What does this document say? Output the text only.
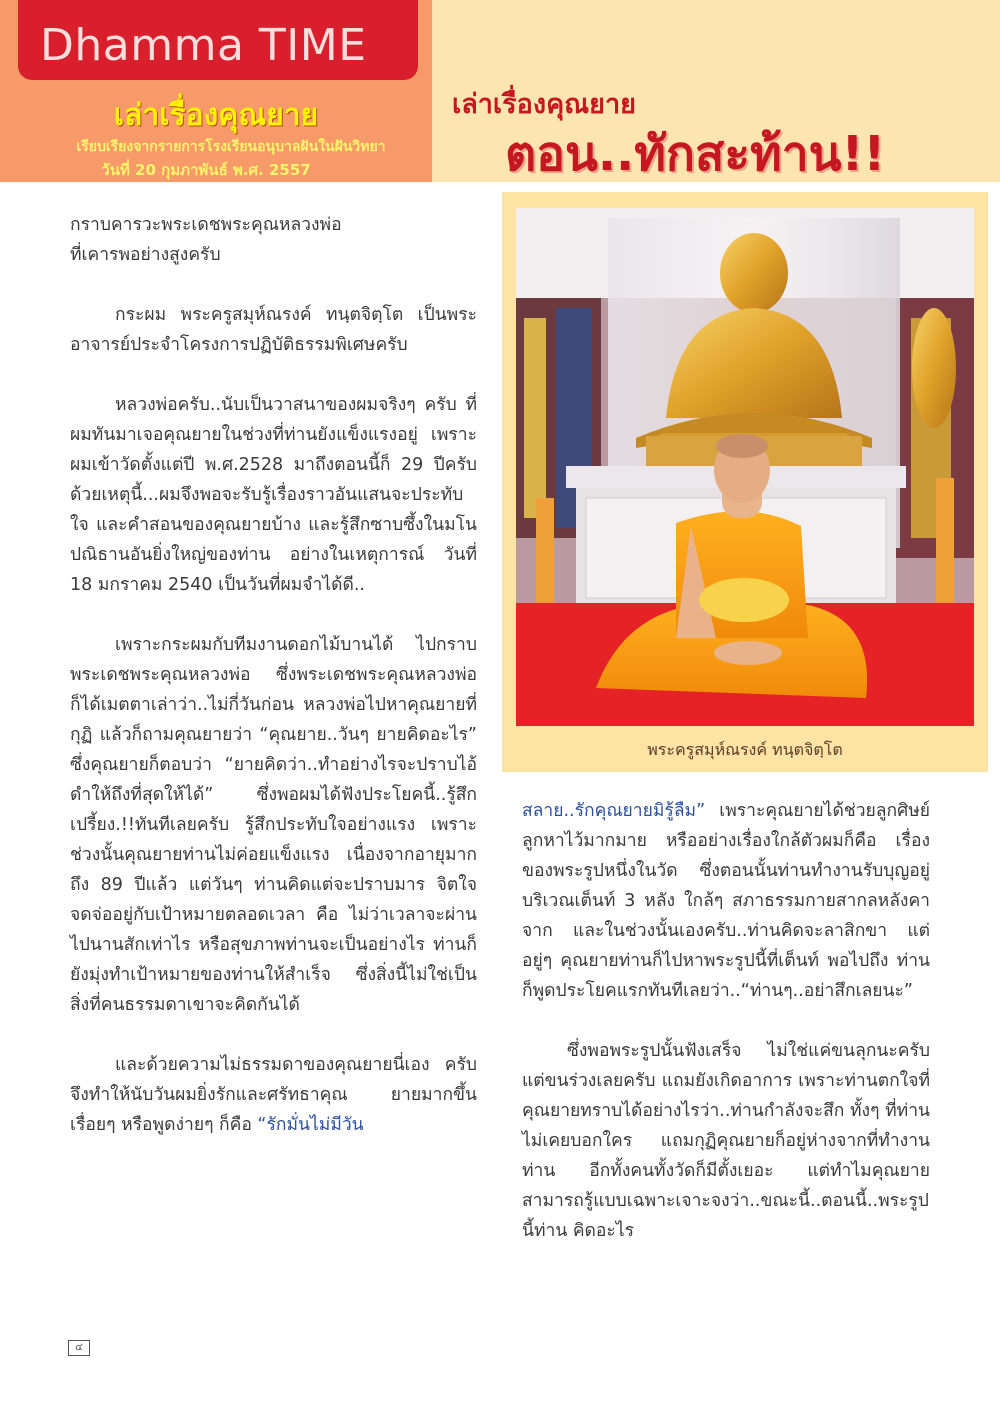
Dhamma TIME
เล่าเรื่องคุณยาย
เรียบเรียงจากรายการโรงเรียนอนุบาลฝันในฝันวิทยา
วันที่ 20 กุมภาพันธ์ พ.ศ. 2557
เล่าเรื่องคุณยาย
ตอน..ทักสะท้าน!!
พระครูสมุห์ณรงค์ ทนฺตจิตฺโต

กราบคารวะพระเดชพระคุณหลวงพ่อ

ที่เคารพอย่างสูงครับ

กระผม พระครูสมุห์ณรงค์ ทนฺตจิตฺโต เป็นพระอาจารย์ประจำโครงการปฏิบัติธรรมพิเศษครับ

หลวงพ่อครับ..นับเป็นวาสนาของผมจริงๆ ครับ ที่ผมทันมาเจอคุณยายในช่วงที่ท่านยังแข็งแรงอยู่ เพราะผมเข้าวัดตั้งแต่ปี พ.ศ.2528 มาถึงตอนนี้ก็ 29 ปีครับ ด้วยเหตุนี้...ผมจึงพอจะรับรู้เรื่องราวอันแสนจะประทับใจ และคำสอนของคุณยายบ้าง และรู้สึกซาบซึ้งในมโนปณิธานอันยิ่งใหญ่ของท่าน อย่างในเหตุการณ์ วันที่ 18 มกราคม 2540 เป็นวันที่ผมจำได้ดี..

เพราะกระผมกับทีมงานดอกไม้บานได้ ไปกราบพระเดชพระคุณหลวงพ่อ ซึ่งพระเดชพระคุณหลวงพ่อก็ได้เมตตาเล่าว่า..ไม่กี่วันก่อน หลวงพ่อไปหาคุณยายที่กุฏิ แล้วก็ถามคุณยายว่า “คุณยาย..วันๆ ยายคิดอะไร” ซึ่งคุณยายก็ตอบว่า “ยายคิดว่า..ทำอย่างไรจะปราบไอ้ดำให้ถึงที่สุดให้ได้” ซึ่งพอผมได้ฟังประโยคนี้..รู้สึกเปรี้ยง.!!ทันทีเลยครับ รู้สึกประทับใจอย่างแรง เพราะช่วงนั้นคุณยายท่านไม่ค่อยแข็งแรง เนื่องจากอายุมากถึง 89 ปีแล้ว แต่วันๆ ท่านคิดแต่จะปราบมาร จิตใจจดจ่ออยู่กับเป้าหมายตลอดเวลา คือ ไม่ว่าเวลาจะผ่านไปนานสักเท่าไร หรือสุขภาพท่านจะเป็นอย่างไร ท่านก็ยังมุ่งทำเป้าหมายของท่านให้สำเร็จ ซึ่งสิ่งนี้ไม่ใช่เป็นสิ่งที่คนธรรมดาเขาจะคิดกันได้

และด้วยความไม่ธรรมดาของคุณยายนี่เอง ครับ จึงทำให้นับวันผมยิ่งรักและศรัทธาคุณ ยายมากขึ้นเรื่อยๆ หรือพูดง่ายๆ ก็คือ “รักมั่นไม่มีวัน

สลาย..รักคุณยายมิรู้ลืม” เพราะคุณยายได้ช่วยลูกศิษย์ลูกหาไว้มากมาย หรืออย่างเรื่องใกล้ตัวผมก็คือ เรื่องของพระรูปหนึ่งในวัด ซึ่งตอนนั้นท่านทำงานรับบุญอยู่บริเวณเต็นท์ 3 หลัง ใกล้ๆ สภาธรรมกายสากลหลังคาจาก และในช่วงนั้นเองครับ..ท่านคิดจะลาสิกขา แต่อยู่ๆ คุณยายท่านก็ไปหาพระรูปนี้ที่เต็นท์ พอไปถึง ท่านก็พูดประโยคแรกทันทีเลยว่า..“ท่านๆ..อย่าสึกเลยนะ”

ซึ่งพอพระรูปนั้นฟังเสร็จ ไม่ใช่แค่ขนลุกนะครับ แต่ขนร่วงเลยครับ แถมยังเกิดอาการ เพราะท่านตกใจที่คุณยายทราบได้อย่างไรว่า..ท่านกำลังจะสึก ทั้งๆ ที่ท่านไม่เคยบอกใคร แถมกุฏิคุณยายก็อยู่ห่างจากที่ทำงานท่าน อีกทั้งคนทั้งวัดก็มีตั้งเยอะ แต่ทำไมคุณยายสามารถรู้แบบเฉพาะเจาะจงว่า..ขณะนี้..ตอนนี้..พระรูปนี้ท่าน คิดอะไร

๔
